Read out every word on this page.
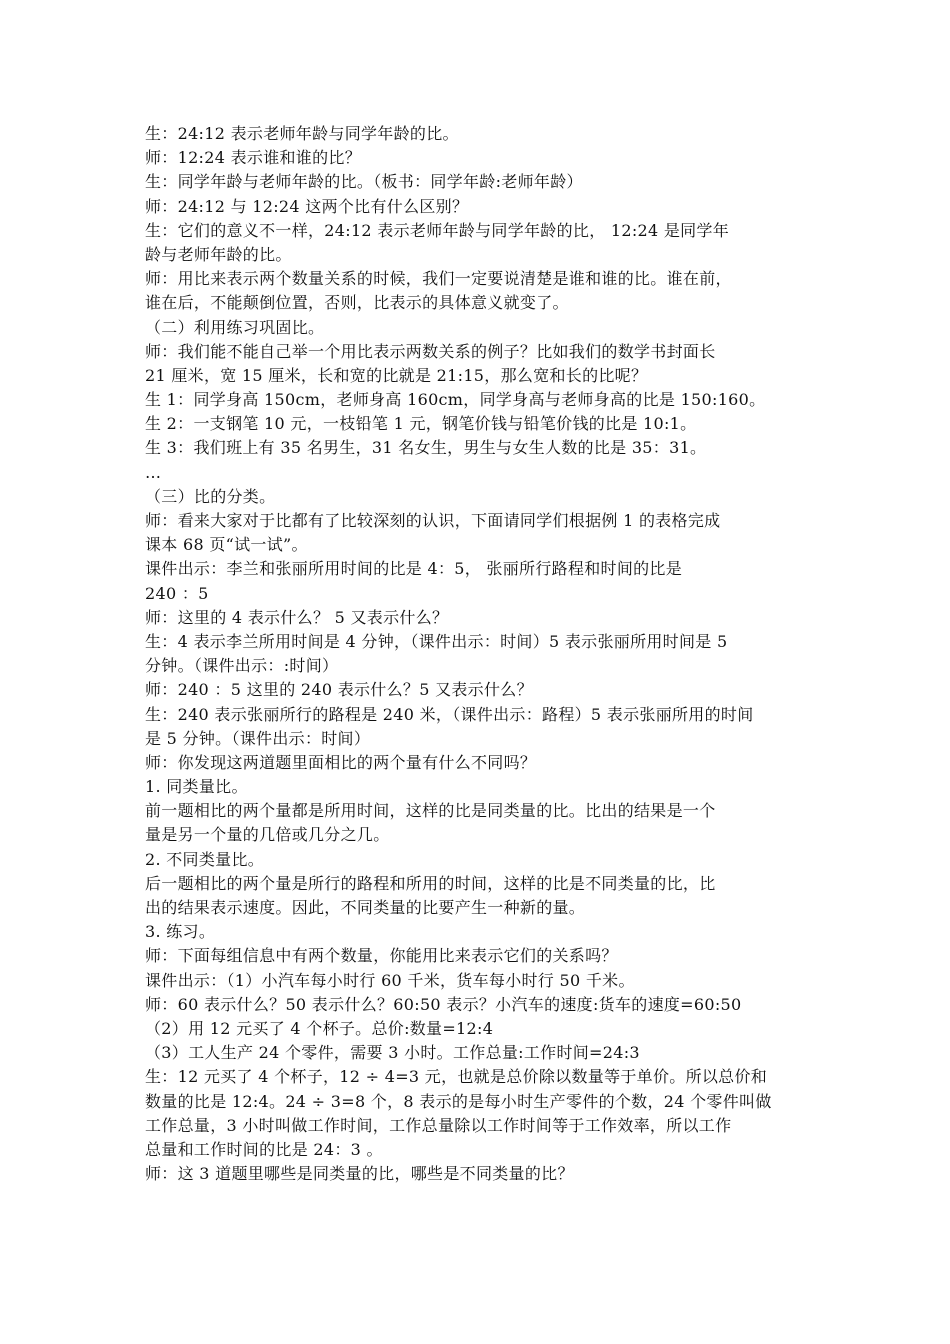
生：24:12 表示老师年龄与同学年龄的比。
师：12:24 表示谁和谁的比？
生：同学年龄与老师年龄的比。（板书：同学年龄:老师年龄）
师：24:12 与 12:24 这两个比有什么区别？
生：它们的意义不一样，24:12 表示老师年龄与同学年龄的比， 12:24 是同学年
龄与老师年龄的比。
师：用比来表示两个数量关系的时候，我们一定要说清楚是谁和谁的比。谁在前，
谁在后，不能颠倒位置，否则，比表示的具体意义就变了。
（二）利用练习巩固比。
师：我们能不能自己举一个用比表示两数关系的例子？比如我们的数学书封面长
21 厘米，宽 15 厘米，长和宽的比就是 21:15，那么宽和长的比呢？
生 1：同学身高 150cm，老师身高 160cm，同学身高与老师身高的比是 150:160。
生 2：一支钢笔 10 元，一枝铅笔 1 元，钢笔价钱与铅笔价钱的比是 10:1。
生 3：我们班上有 35 名男生，31 名女生，男生与女生人数的比是 35：31。
…
（三）比的分类。
师：看来大家对于比都有了比较深刻的认识，下面请同学们根据例 1 的表格完成
课本 68 页“试一试”。
课件出示：李兰和张丽所用时间的比是 4：5， 张丽所行路程和时间的比是
240 ：5
师：这里的 4 表示什么？ 5 又表示什么？
生：4 表示李兰所用时间是 4 分钟，（课件出示：时间）5 表示张丽所用时间是 5
分钟。（课件出示：:时间）
师：240 ：5 这里的 240 表示什么？5 又表示什么？
生：240 表示张丽所行的路程是 240 米，（课件出示：路程）5 表示张丽所用的时间
是 5 分钟。（课件出示：时间）
师：你发现这两道题里面相比的两个量有什么不同吗？
1. 同类量比。
前一题相比的两个量都是所用时间，这样的比是同类量的比。比出的结果是一个
量是另一个量的几倍或几分之几。
2. 不同类量比。
后一题相比的两个量是所行的路程和所用的时间，这样的比是不同类量的比，比
出的结果表示速度。因此，不同类量的比要产生一种新的量。
3. 练习。
师：下面每组信息中有两个数量，你能用比来表示它们的关系吗？
课件出示：（1）小汽车每小时行 60 千米，货车每小时行 50 千米。
师：60 表示什么？50 表示什么？60:50 表示？小汽车的速度:货车的速度=60:50
（2）用 12 元买了 4 个杯子。总价:数量=12:4
（3）工人生产 24 个零件，需要 3 小时。工作总量:工作时间=24:3
生：12 元买了 4 个杯子，12 ÷ 4=3 元，也就是总价除以数量等于单价。所以总价和
数量的比是 12:4。24 ÷ 3=8 个，8 表示的是每小时生产零件的个数，24 个零件叫做
工作总量，3 小时叫做工作时间，工作总量除以工作时间等于工作效率，所以工作
总量和工作时间的比是 24：3 。
师：这 3 道题里哪些是同类量的比，哪些是不同类量的比？
